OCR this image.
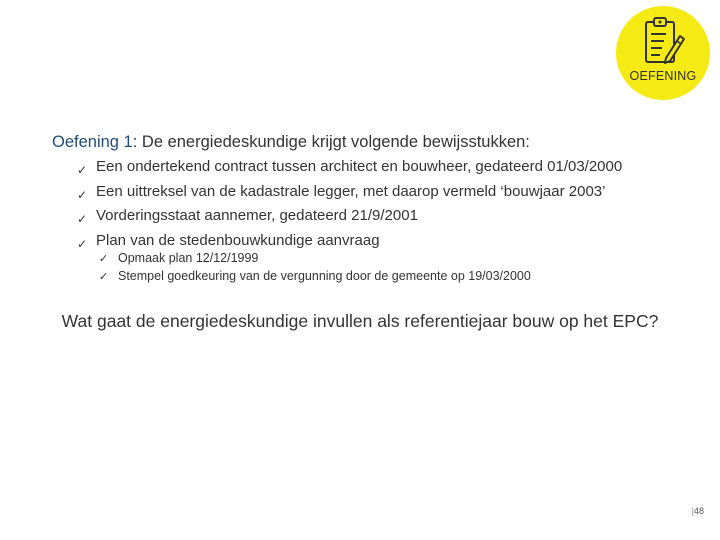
OEFENING
Oefening 1: De energiedeskundige krijgt volgende bewijsstukken:
✓ Een ondertekend contract tussen architect en bouwheer, gedateerd 01/03/2000
✓ Een uittreksel van de kadastrale legger, met daarop vermeld ‘bouwjaar 2003’
✓ Vorderingsstaat aannemer, gedateerd 21/9/2001
✓ Plan van de stedenbouwkundige aanvraag
✓ Opmaak plan 12/12/1999
✓ Stempel goedkeuring van de vergunning door de gemeente op 19/03/2000
Wat gaat de energiedeskundige invullen als referentiejaar bouw op het EPC?
|48
